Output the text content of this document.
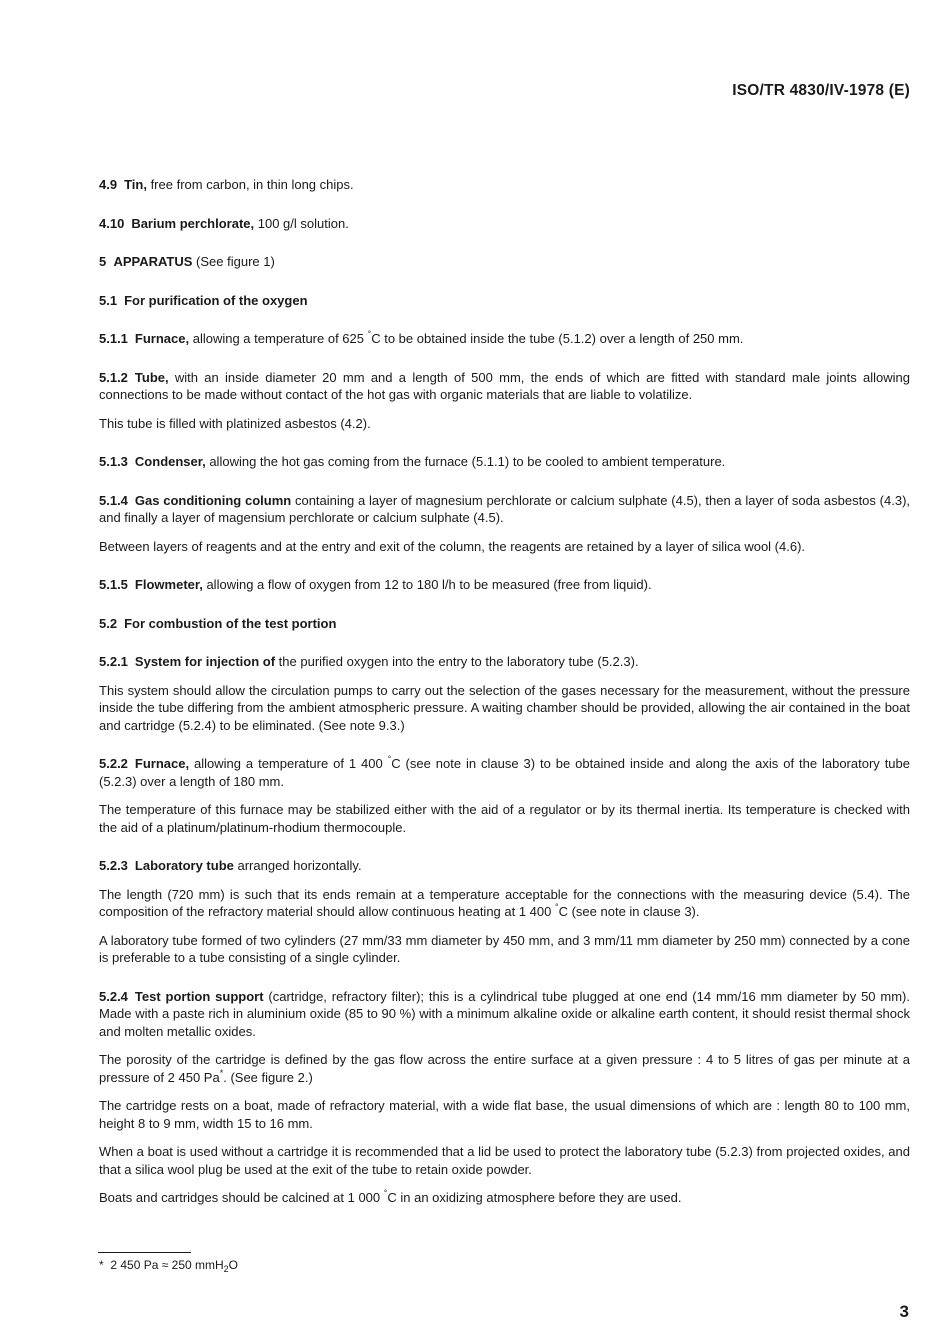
ISO/TR 4830/IV-1978 (E)

4.9 Tin, free from carbon, in thin long chips.

4.10 Barium perchlorate, 100 g/l solution.

5 APPARATUS (See figure 1)

5.1 For purification of the oxygen

5.1.1 Furnace, allowing a temperature of 625 °C to be obtained inside the tube (5.1.2) over a length of 250 mm.

5.1.2 Tube, with an inside diameter 20 mm and a length of 500 mm, the ends of which are fitted with standard male joints allowing connections to be made without contact of the hot gas with organic materials that are liable to volatilize.

This tube is filled with platinized asbestos (4.2).

5.1.3 Condenser, allowing the hot gas coming from the furnace (5.1.1) to be cooled to ambient temperature.

5.1.4 Gas conditioning column containing a layer of magnesium perchlorate or calcium sulphate (4.5), then a layer of soda asbestos (4.3), and finally a layer of magensium perchlorate or calcium sulphate (4.5).

Between layers of reagents and at the entry and exit of the column, the reagents are retained by a layer of silica wool (4.6).

5.1.5 Flowmeter, allowing a flow of oxygen from 12 to 180 l/h to be measured (free from liquid).

5.2 For combustion of the test portion

5.2.1 System for injection of the purified oxygen into the entry to the laboratory tube (5.2.3).

This system should allow the circulation pumps to carry out the selection of the gases necessary for the measurement, without the pressure inside the tube differing from the ambient atmospheric pressure. A waiting chamber should be provided, allowing the air contained in the boat and cartridge (5.2.4) to be eliminated. (See note 9.3.)

5.2.2 Furnace, allowing a temperature of 1 400 °C (see note in clause 3) to be obtained inside and along the axis of the laboratory tube (5.2.3) over a length of 180 mm.

The temperature of this furnace may be stabilized either with the aid of a regulator or by its thermal inertia. Its temperature is checked with the aid of a platinum/platinum-rhodium thermocouple.

5.2.3 Laboratory tube arranged horizontally.

The length (720 mm) is such that its ends remain at a temperature acceptable for the connections with the measuring device (5.4). The composition of the refractory material should allow continuous heating at 1 400 °C (see note in clause 3).

A laboratory tube formed of two cylinders (27 mm/33 mm diameter by 450 mm, and 3 mm/11 mm diameter by 250 mm) connected by a cone is preferable to a tube consisting of a single cylinder.

5.2.4 Test portion support (cartridge, refractory filter); this is a cylindrical tube plugged at one end (14 mm/16 mm diameter by 50 mm). Made with a paste rich in aluminium oxide (85 to 90 %) with a minimum alkaline oxide or alkaline earth content, it should resist thermal shock and molten metallic oxides.

The porosity of the cartridge is defined by the gas flow across the entire surface at a given pressure : 4 to 5 litres of gas per minute at a pressure of 2 450 Pa*. (See figure 2.)

The cartridge rests on a boat, made of refractory material, with a wide flat base, the usual dimensions of which are : length 80 to 100 mm, height 8 to 9 mm, width 15 to 16 mm.

When a boat is used without a cartridge it is recommended that a lid be used to protect the laboratory tube (5.2.3) from projected oxides, and that a silica wool plug be used at the exit of the tube to retain oxide powder.

Boats and cartridges should be calcined at 1 000 °C in an oxidizing atmosphere before they are used.

* 2 450 Pa ≈ 250 mmH$_2$O
3
